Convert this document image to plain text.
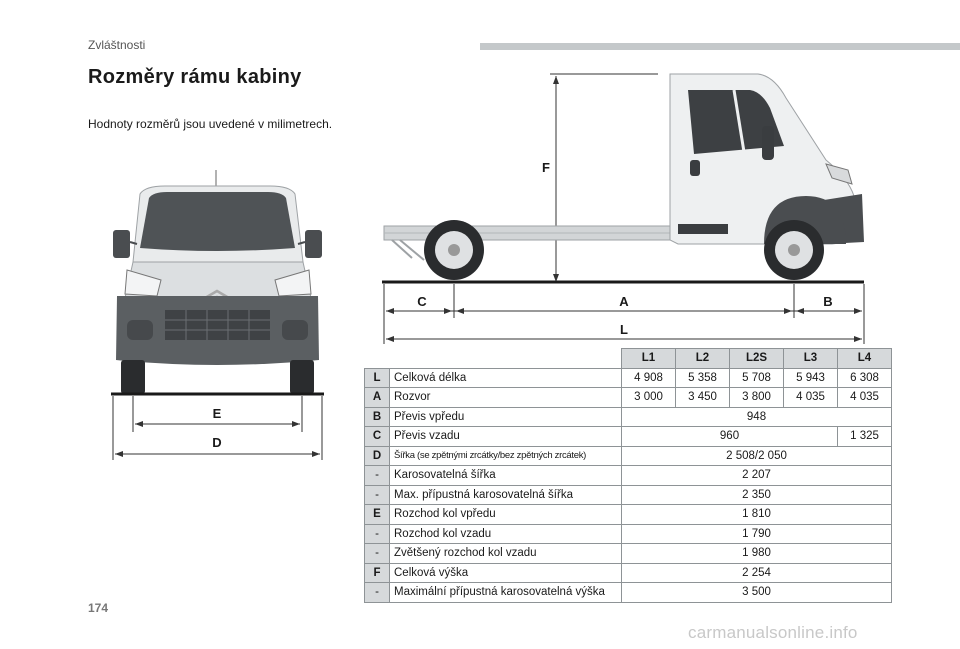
Zvláštnosti
Rozměry rámu kabiny
Hodnoty rozměrů jsou uvedené v milimetrech.
E
D
F
C	A	B
L
		L1	L2	L2S	L3	L4
L	Celková délka	4 908	5 358	5 708	5 943	6 308
A	Rozvor	3 000	3 450	3 800	4 035	4 035
B	Převis vpředu	948				
C	Převis vzadu	960				1 325
D	Šířka (se zpětnými zrcátky/bez zpětných zrcátek)	2 508/2 050				
-	Karosovatelná šířka	2 207				
-	Max. přípustná karosovatelná šířka	2 350				
E	Rozchod kol vpředu	1 810				
-	Rozchod kol vzadu	1 790				
-	Zvětšený rozchod kol vzadu	1 980				
F	Celková výška	2 254				
-	Maximální přípustná karosovatelná výška	3 500				
174
carmanualsonline.info
